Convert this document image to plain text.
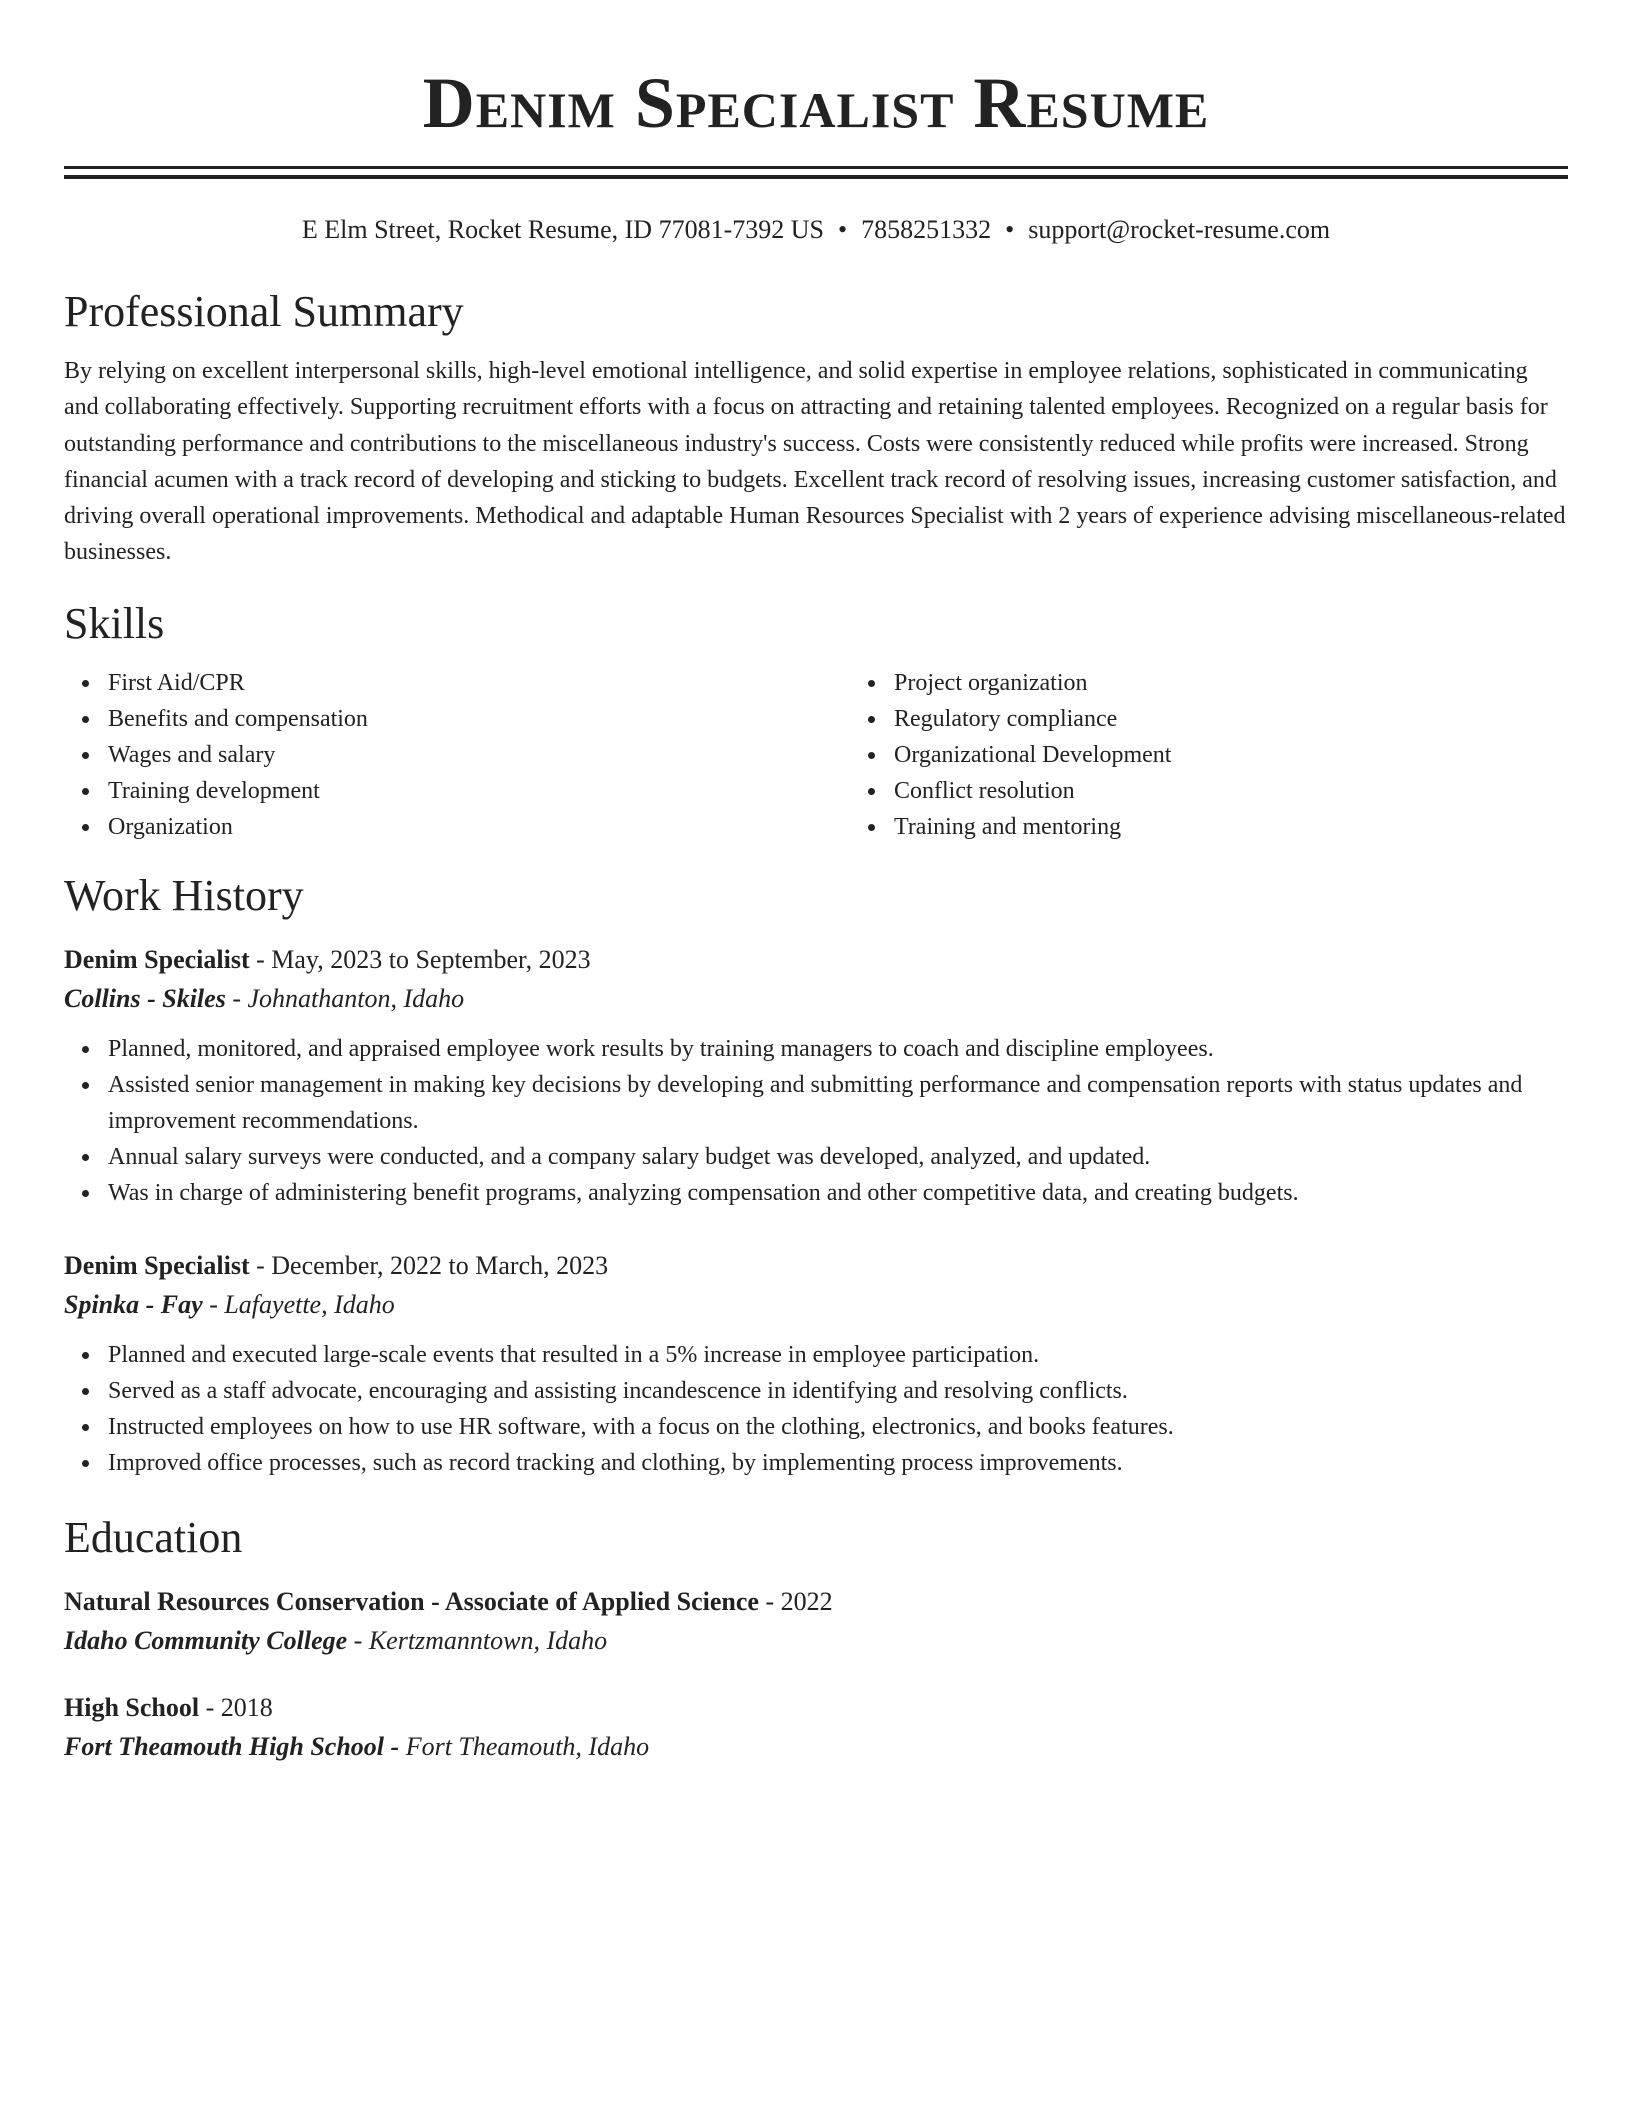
Denim Specialist Resume
E Elm Street, Rocket Resume, ID 77081-7392 US • 7858251332 • support@rocket-resume.com
Professional Summary

By relying on excellent interpersonal skills, high-level emotional intelligence, and solid expertise in employee relations, sophisticated in communicating and collaborating effectively. Supporting recruitment efforts with a focus on attracting and retaining talented employees. Recognized on a regular basis for outstanding performance and contributions to the miscellaneous industry's success. Costs were consistently reduced while profits were increased. Strong financial acumen with a track record of developing and sticking to budgets. Excellent track record of resolving issues, increasing customer satisfaction, and driving overall operational improvements. Methodical and adaptable Human Resources Specialist with 2 years of experience advising miscellaneous-related businesses.

Skills
First Aid/CPR
Benefits and compensation
Wages and salary
Training development
Organization
Project organization
Regulatory compliance
Organizational Development
Conflict resolution
Training and mentoring
Work History
Denim Specialist - May, 2023 to September, 2023
Collins - Skiles - Johnathanton, Idaho
Planned, monitored, and appraised employee work results by training managers to coach and discipline employees.
Assisted senior management in making key decisions by developing and submitting performance and compensation reports with status updates and improvement recommendations.
Annual salary surveys were conducted, and a company salary budget was developed, analyzed, and updated.
Was in charge of administering benefit programs, analyzing compensation and other competitive data, and creating budgets.
Denim Specialist - December, 2022 to March, 2023
Spinka - Fay - Lafayette, Idaho
Planned and executed large-scale events that resulted in a 5% increase in employee participation.
Served as a staff advocate, encouraging and assisting incandescence in identifying and resolving conflicts.
Instructed employees on how to use HR software, with a focus on the clothing, electronics, and books features.
Improved office processes, such as record tracking and clothing, by implementing process improvements.
Education
Natural Resources Conservation - Associate of Applied Science - 2022
Idaho Community College - Kertzmanntown, Idaho
High School - 2018
Fort Theamouth High School - Fort Theamouth, Idaho
